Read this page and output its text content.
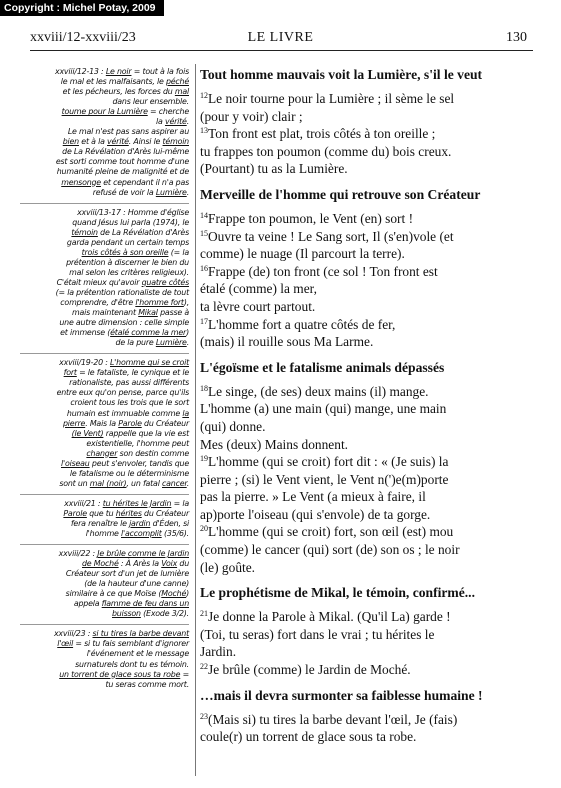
Copyright : Michel Potay, 2009
LE LIVRE
xxviii/12-xxviii/23	130

xxviii/12-13 : Le noir = tout à la fois

le mal et les malfaisants, le péché

et les pécheurs, les forces du mal

dans leur ensemble.

toume pour la Lumière = cherche

la vérité.

Le mal n'est pas sans aspirer au

bien et à la vérité. Ainsi le témoin

de La Révélation d'Arès lui-même

est sorti comme tout homme d'une

humanité pleine de malignité et de

mensonge et cependant il n'a pas

refusé de voir la Lumière.

xxviii/13-17 : Homme d'église

quand Jésus lui parla (1974), le

témoin de La Révélation d'Arès

garda pendant un certain temps

trois côtés à son oreille (= la

prétention à discerner le bien du

mal selon les critères religieux).

C'était mieux qu'avoir quatre côtés

(= la prétention rationaliste de tout

comprendre, d'être l'homme fort),

mais maintenant Mikal passe à

une autre dimension : celle simple

et immense (étalé comme la mer)

de la pure Lumière.

xxviii/19-20 : L'homme qui se croit

fort = le fataliste, le cynique et le

rationaliste, pas aussi différents

entre eux qu'on pense, parce qu'ils

croient tous les trois que le sort

humain est immuable comme la

pierre. Mais la Parole du Créateur

(le Vent) rappelle que la vie est

existentielle, l'homme peut

changer son destin comme

l'oiseau peut s'envoler, tandis que

le fatalisme ou le déterminisme

sont un mal (noir), un fatal cancer.

xxviii/21 : tu hérites le Jardin = la

Parole que tu hérites du Créateur

fera renaître le jardin d'Éden, si

l'homme l'accomplit (35/6).

xxviii/22 : Je brûle comme le Jardin

de Moché : À Arès la Voix du

Créateur sort d'un jet de lumière

(de la hauteur d'une canne)

similaire à ce que Moïse (Moché)

appela flamme de feu dans un

buisson (Exode 3/2).

xxviii/23 : si tu tires la barbe devant

l'œil = si tu fais semblant d'ignorer

l'événement et le message

surnaturels dont tu es témoin.

un torrent de glace sous ta robe =

tu seras comme mort.

Tout homme mauvais voit la Lumière, s'il le veut

$^{12}$Le noir tourne pour la Lumière ; il sème le sel

(pour y voir) clair ;

$^{13}$Ton front est plat, trois côtés à ton oreille ;

tu frappes ton poumon (comme du) bois creux.

(Pourtant) tu as la Lumière.

Merveille de l'homme qui retrouve son Créateur

$^{14}$Frappe ton poumon, le Vent (en) sort !

$^{15}$Ouvre ta veine ! Le Sang sort, Il (s'en)vole (et

comme) le nuage (Il parcourt la terre).

$^{16}$Frappe (de) ton front (ce sol ! Ton front est

étalé (comme) la mer,

ta lèvre court partout.

$^{17}$L'homme fort a quatre côtés de fer,

(mais) il rouille sous Ma Larme.

L'égoïsme et le fatalisme animals dépassés

$^{18}$Le singe, (de ses) deux mains (il) mange.

L'homme (a) une main (qui) mange, une main

(qui) donne.

Mes (deux) Mains donnent.

$^{19}$L'homme (qui se croit) fort dit : « (Je suis) la

pierre ; (si) le Vent vient, le Vent n(')e(m)porte

pas la pierre. » Le Vent (a mieux à faire, il

ap)porte l'oiseau (qui s'envole) de ta gorge.

$^{20}$L'homme (qui se croit) fort, son œil (est) mou

(comme) le cancer (qui) sort (de) son os ; le noir

(le) goûte.

Le prophétisme de Mikal, le témoin, confirmé...

$^{21}$Je donne la Parole à Mikal. (Qu'il La) garde !

(Toi, tu seras) fort dans le vrai ; tu hérites le

Jardin.

$^{22}$Je brûle (comme) le Jardin de Moché.

…mais il devra surmonter sa faiblesse humaine !

$^{23}$(Mais si) tu tires la barbe devant l'œil, Je (fais)

coule(r) un torrent de glace sous ta robe.
